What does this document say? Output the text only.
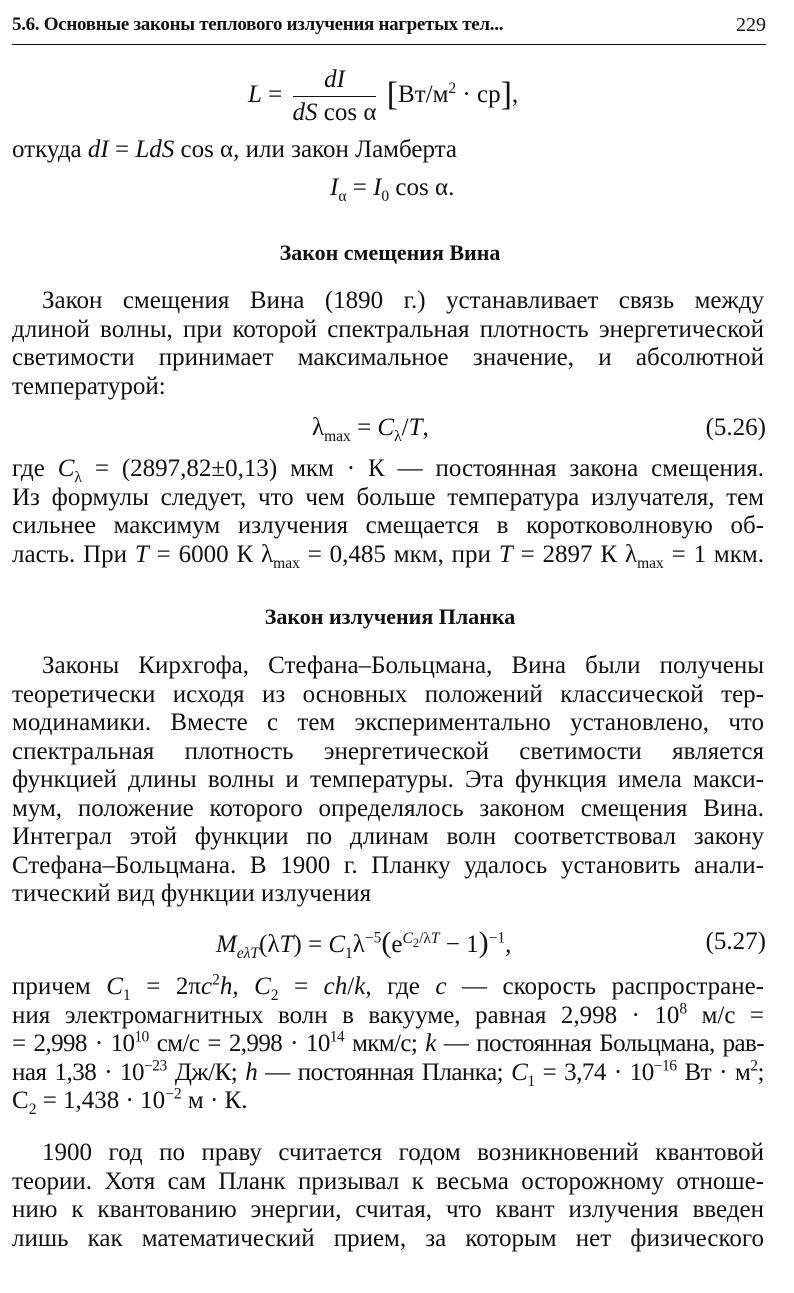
5.6. Основные законы теплового излучения нагретых тел...	229
$L = \frac{dI}{\text{dS cos α}} [Вт/м^2 \cdot ср]$,
откуда dI = LdS cos α, или закон Ламберта
$I_\alpha = I_0$ cos α.
Закон смещения Вина
Закон смещения Вина (1890 г.) устанавливает связь между
длиной волны, при которой спектральная плотность энергетической
светимости принимает максимальное значение, и абсолютной
температурой:
$\lambda_{max} = C_\lambda/T$,	(5.26)
где $C_\lambda = (2897,82\pm 0,13)$ мкм · К — постоянная закона смещения.
Из формулы следует, что чем больше температура излучателя, тем
сильнее максимум излучения смещается в коротковолновую об-
ласть. При T = 6000 К $\lambda_{max} = 0,485$ мкм, при T = 2897 К $\lambda_{max} = 1$ мкм.
Закон излучения Планка
Законы Кирхгофа, Стефана–Больцмана, Вина были получены
теоретически исходя из основных положений классической тер-
модинамики. Вместе с тем экспериментально установлено, что
спектральная плотность энергетической светимости является
функцией длины волны и температуры. Эта функция имела макси-
мум, положение которого определялось законом смещения Вина.
Интеграл этой функции по длинам волн соответствовал закону
Стефана–Больцмана. В 1900 г. Планку удалось установить анали-
тический вид функции излучения
$M_{e\lambda T}(\lambda T) = C_1\lambda^{-5}(e^{C_2/\lambda T} - 1)^{-1}$,	(5.27)
причем $C_1 = 2\pi c^2h$, $C_2 = ch/k$, где c — скорость распростране-
ния электромагнитных волн в вакууме, равная $2,998 \cdot 10^8$ м/с =
= $2,998 \cdot 10^{10}$ $см/с = 2,998 \cdot 10^{14}$ мкм/с; k — постоянная Больцмана, рав-
ная $1,38 \cdot 10^{-23}$ Дж/К; h — постоянная Планка; $C_1 = 3,74 \cdot 10^{-16}$ Вт · $м^2$;
$C_2 = 1,438 \cdot 10^{-2}$ м · К.
1900 год по праву считается годом возникновений квантовой
теории. Хотя сам Планк призывал к весьма осторожному отноше-
нию к квантованию энергии, считая, что квант излучения введен
лишь как математический прием, за которым нет физического
